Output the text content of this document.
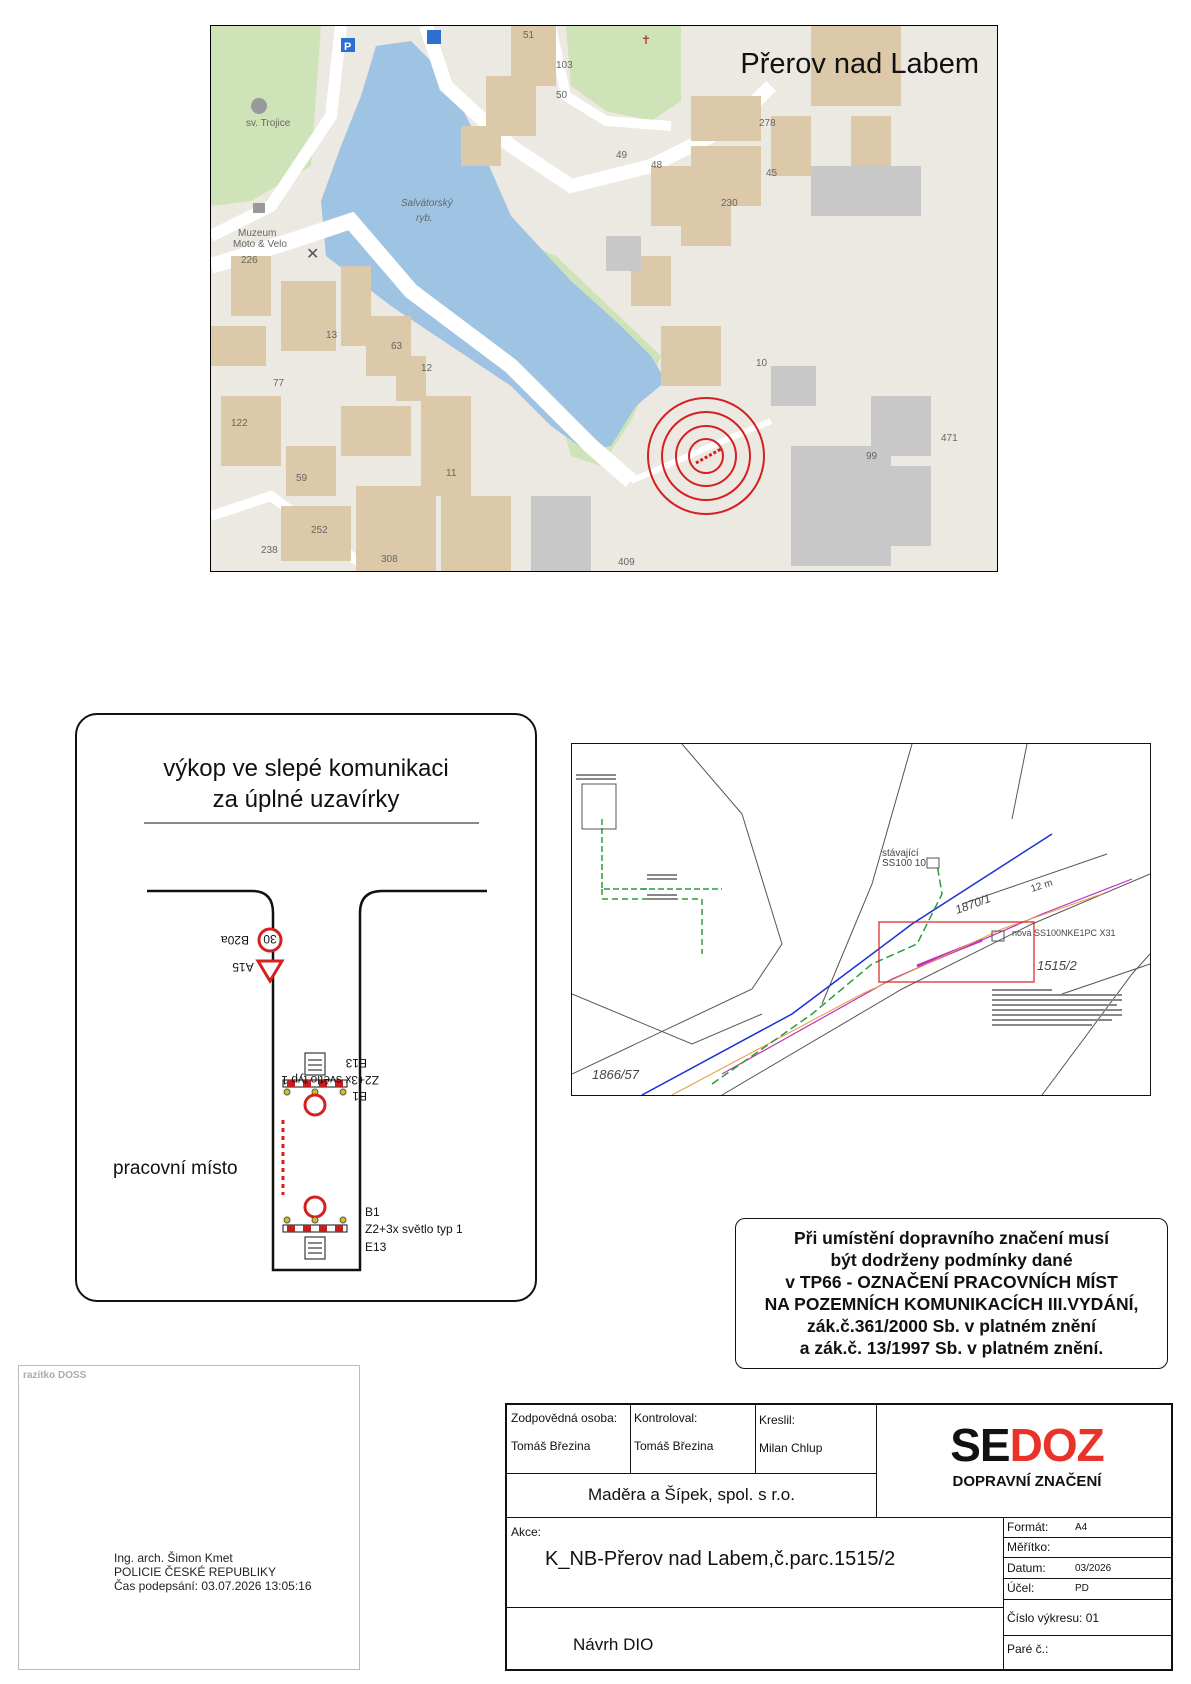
sv. Trojice
Muzeum
Moto & Velo
Salvátorský
ryb.
226
13
63
12
77
122
59	11
252
238
308	409
10
99
471
278
45
230
49
48
103
50
51
P
✕
✝
Přerov nad Labem
výkop ve slepé komunikaci
za úplné uzavírky
30
B20a
A15
Z2+3x světlo typ 1
E13
B1
B1
Z2+3x světlo typ 1
E13
pracovní místo
stávající
SS100 10
nová SS100NKE1PC X31
1870/1
1515/2
1866/57
12 m
Při umístění dopravního značení musí
být dodrženy podmínky dané
v TP66 - OZNAČENÍ PRACOVNÍCH MÍST
NA POZEMNÍCH KOMUNIKACÍCH III.VYDÁNÍ,
zák.č.361/2000 Sb. v platném znění
a zák.č. 13/1997 Sb. v platném znění.
razítko DOSS
Ing. arch. Šimon Kmet
POLICIE ČESKÉ REPUBLIKY
Čas podepsání: 03.07.2026 13:05:16
Zodpovědná osoba:
Tomáš Březina
Kontroloval:
Tomáš Březina
Kreslil:
Milan Chlup
Maděra a Šípek, spol. s r.o.
SEDOZ
DOPRAVNÍ ZNAČENÍ
Akce:
K_NB-Přerov nad Labem,č.parc.1515/2
Formát:	A4
Měřítko:
Datum:	03/2026
Účel:	PD
Číslo výkresu: 01
Paré č.:
Návrh DIO
